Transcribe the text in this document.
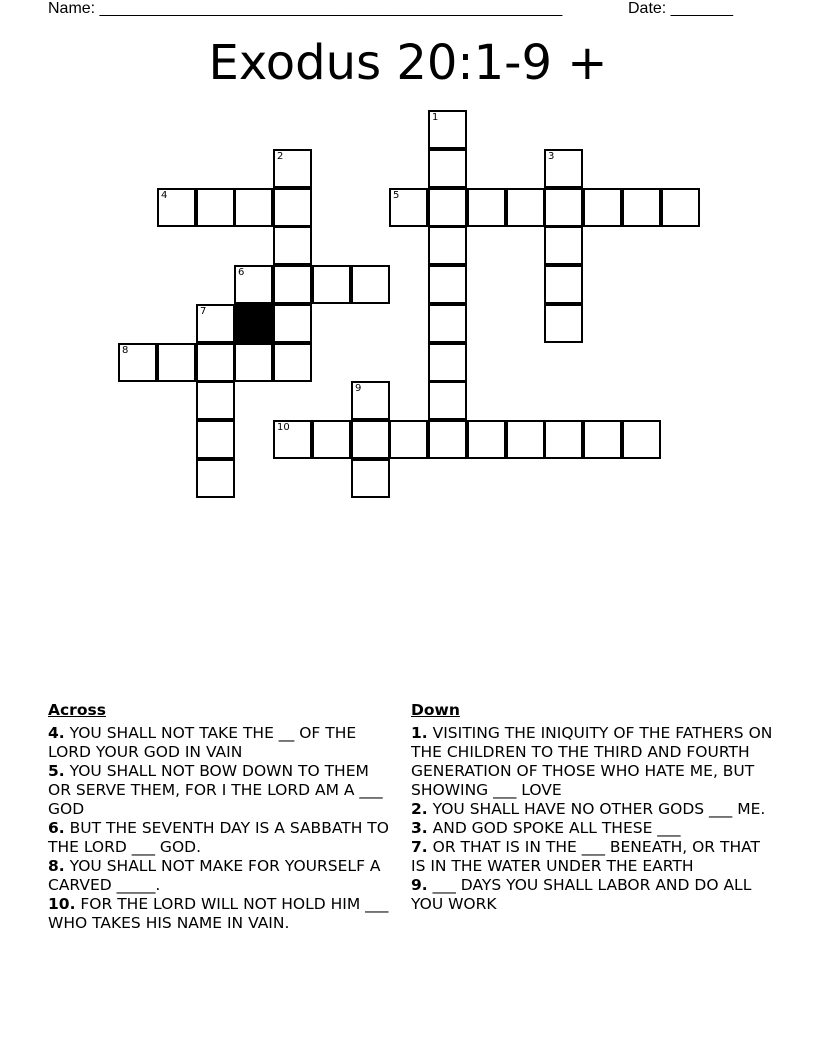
Name: ____________________________________________________	Date: _______
Exodus 20:1-9 +
1
2	3
4	5
6
7
8
9
10
Across
4. YOU SHALL NOT TAKE THE __ OF THE LORD YOUR GOD IN VAIN
5. YOU SHALL NOT BOW DOWN TO THEM OR SERVE THEM, FOR I THE LORD AM A ___ GOD
6. BUT THE SEVENTH DAY IS A SABBATH TO THE LORD ___ GOD.
8. YOU SHALL NOT MAKE FOR YOURSELF A CARVED _____.
10. FOR THE LORD WILL NOT HOLD HIM ___ WHO TAKES HIS NAME IN VAIN.
Down
1. VISITING THE INIQUITY OF THE FATHERS ON THE CHILDREN TO THE THIRD AND FOURTH GENERATION OF THOSE WHO HATE ME, BUT SHOWING ___ LOVE
2. YOU SHALL HAVE NO OTHER GODS ___ ME.
3. AND GOD SPOKE ALL THESE ___
7. OR THAT IS IN THE ___ BENEATH, OR THAT IS IN THE WATER UNDER THE EARTH
9. ___ DAYS YOU SHALL LABOR AND DO ALL YOU WORK
